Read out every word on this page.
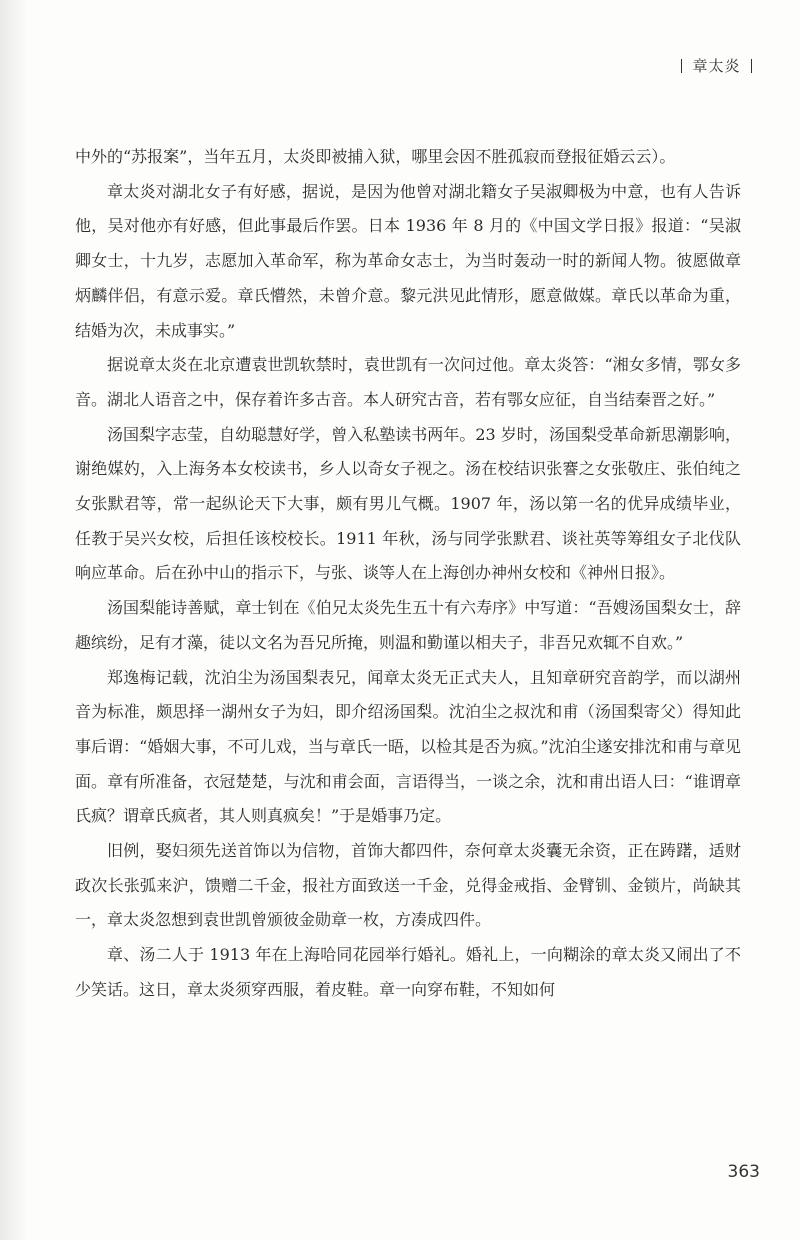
章太炎

中外的“苏报案”，当年五月，太炎即被捕入狱，哪里会因不胜孤寂而登报征婚云云）。

章太炎对湖北女子有好感，据说，是因为他曾对湖北籍女子吴淑卿极为中意，也有人告诉他，吴对他亦有好感，但此事最后作罢。日本 1936 年 8 月的《中国文学日报》报道：“吴淑卿女士，十九岁，志愿加入革命军，称为革命女志士，为当时轰动一时的新闻人物。彼愿做章炳麟伴侣，有意示爱。章氏懵然，未曾介意。黎元洪见此情形，愿意做媒。章氏以革命为重，结婚为次，未成事实。”

据说章太炎在北京遭袁世凯软禁时，袁世凯有一次问过他。章太炎答：“湘女多情，鄂女多音。湖北人语音之中，保存着许多古音。本人研究古音，若有鄂女应征，自当结秦晋之好。”

汤国梨字志莹，自幼聪慧好学，曾入私塾读书两年。23 岁时，汤国梨受革命新思潮影响，谢绝媒妁，入上海务本女校读书，乡人以奇女子视之。汤在校结识张謇之女张敬庄、张伯纯之女张默君等，常一起纵论天下大事，颇有男儿气概。1907 年，汤以第一名的优异成绩毕业，任教于吴兴女校，后担任该校校长。1911 年秋，汤与同学张默君、谈社英等筹组女子北伐队响应革命。后在孙中山的指示下，与张、谈等人在上海创办神州女校和《神州日报》。

汤国梨能诗善赋，章士钊在《伯兄太炎先生五十有六寿序》中写道：“吾嫂汤国梨女士，辞趣缤纷，足有才藻，徒以文名为吾兄所掩，则温和勤谨以相夫子，非吾兄欢辄不自欢。”

郑逸梅记载，沈泊尘为汤国梨表兄，闻章太炎无正式夫人，且知章研究音韵学，而以湖州音为标准，颇思择一湖州女子为妇，即介绍汤国梨。沈泊尘之叔沈和甫（汤国梨寄父）得知此事后谓：“婚姻大事，不可儿戏，当与章氏一晤，以检其是否为疯。”沈泊尘遂安排沈和甫与章见面。章有所准备，衣冠楚楚，与沈和甫会面，言语得当，一谈之余，沈和甫出语人曰：“谁谓章氏疯？谓章氏疯者，其人则真疯矣！”于是婚事乃定。

旧例，娶妇须先送首饰以为信物，首饰大都四件，奈何章太炎囊无余资，正在踌躇，适财政次长张弧来沪，馈赠二千金，报社方面致送一千金，兑得金戒指、金臂钏、金锁片，尚缺其一，章太炎忽想到袁世凯曾颁彼金勋章一枚，方凑成四件。

章、汤二人于 1913 年在上海哈同花园举行婚礼。婚礼上，一向糊涂的章太炎又闹出了不少笑话。这日，章太炎须穿西服，着皮鞋。章一向穿布鞋，不知如何

363
